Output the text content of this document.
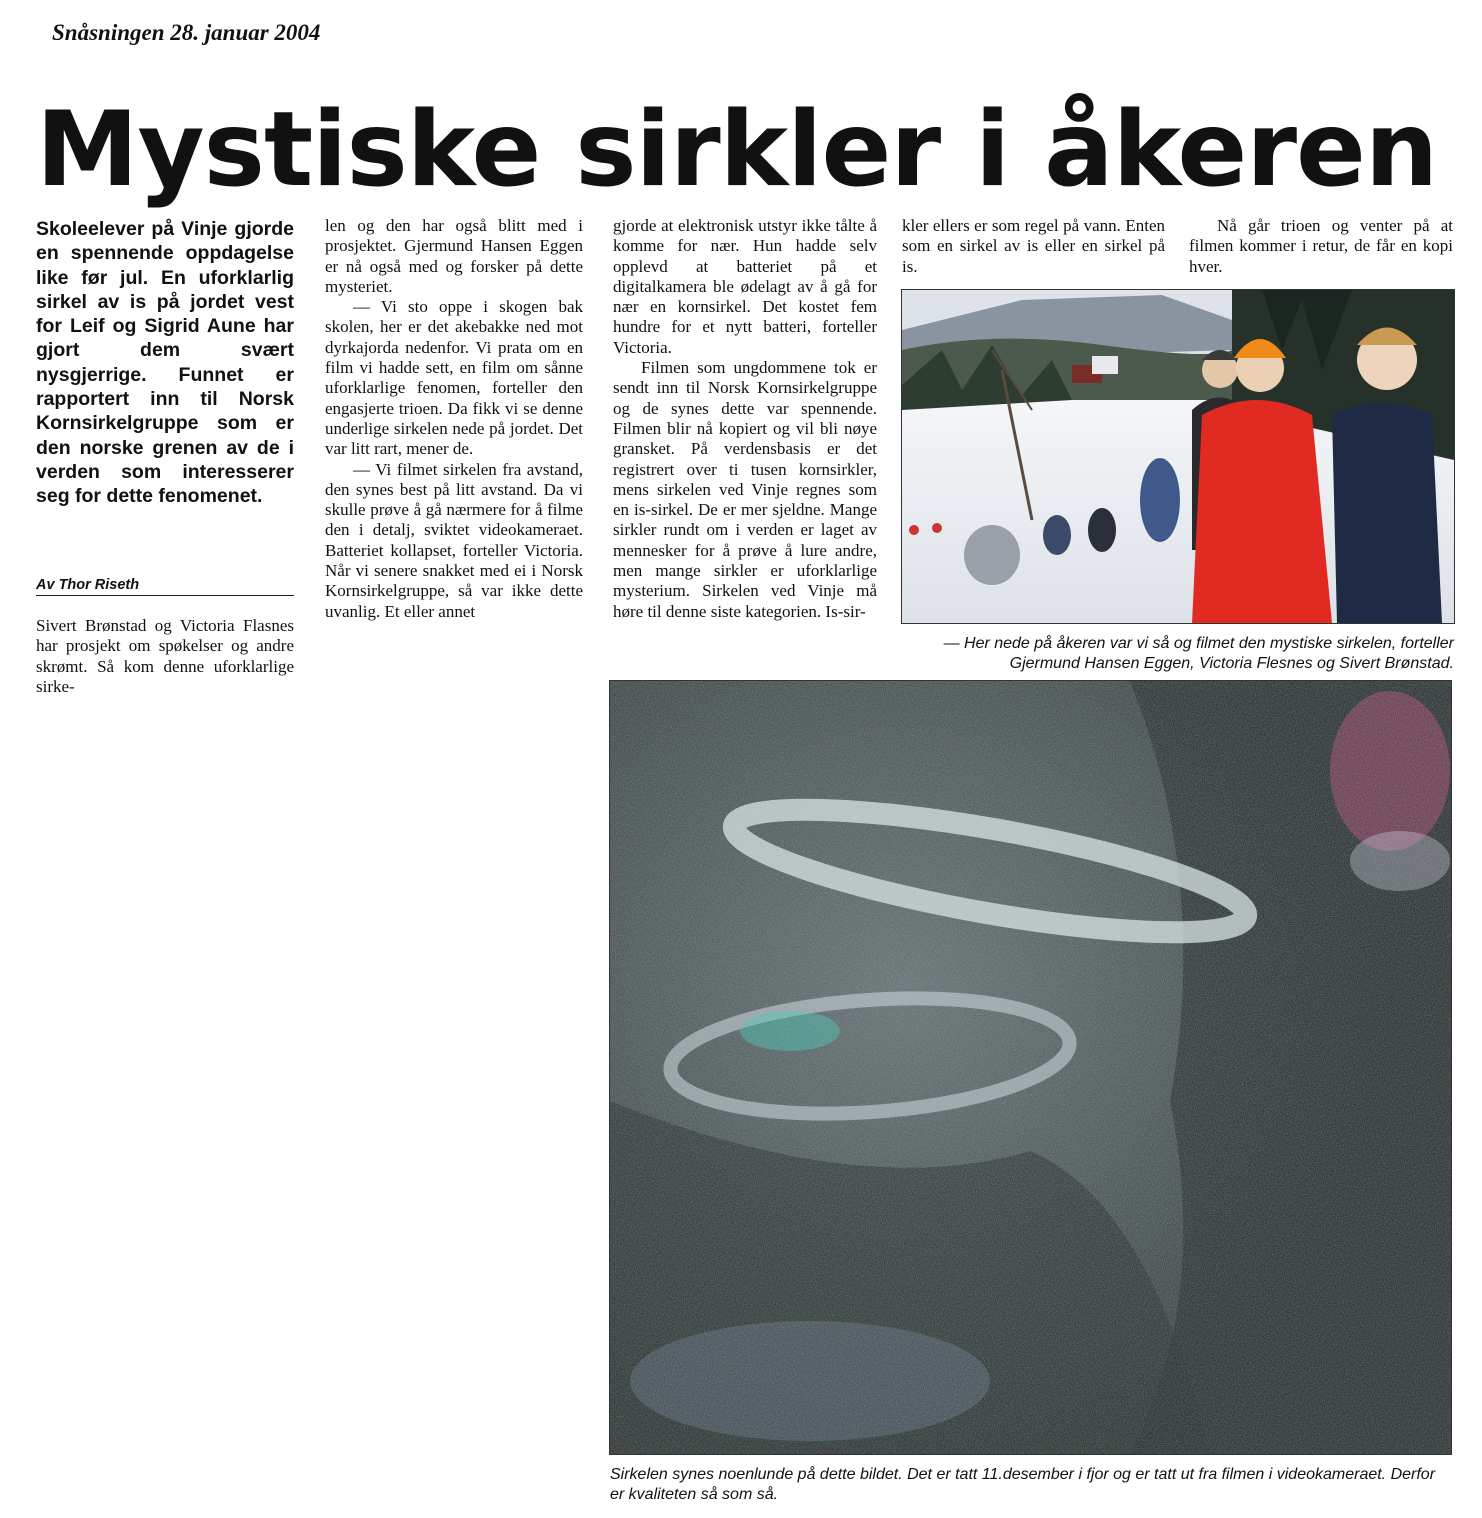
Snåsningen 28. januar 2004
Mystiske sirkler i åkeren
Skoleelever på Vinje gjorde en spennende oppdagelse like før jul. En uforklarlig sirkel av is på jordet vest for Leif og Sigrid Aune har gjort dem svært nysgjerrige. Funnet er rapportert inn til Norsk Kornsirkelgruppe som er den norske grenen av de i verden som interesserer seg for dette fenomenet.
Av Thor Riseth

Sivert Brønstad og Victoria Flasnes har prosjekt om spøkelser og andre skrømt. Så kom denne uforklarlige sirke-

len og den har også blitt med i prosjektet. Gjermund Hansen Eggen er nå også med og forsker på dette mysteriet.

— Vi sto oppe i skogen bak skolen, her er det akebakke ned mot dyrkajorda nedenfor. Vi prata om en film vi hadde sett, en film om sånne uforklarlige fenomen, forteller den engasjerte trioen. Da fikk vi se denne underlige sirkelen nede på jordet. Det var litt rart, mener de.

— Vi filmet sirkelen fra avstand, den synes best på litt avstand. Da vi skulle prøve å gå nærmere for å filme den i detalj, sviktet videokameraet. Batteriet kollapset, forteller Victoria. Når vi senere snakket med ei i Norsk Kornsirkelgruppe, så var ikke dette uvanlig. Et eller annet

gjorde at elektronisk utstyr ikke tålte å komme for nær. Hun hadde selv opplevd at batteriet på et digitalkamera ble ødelagt av å gå for nær en kornsirkel. Det kostet fem hundre for et nytt batteri, forteller Victoria.

Filmen som ungdommene tok er sendt inn til Norsk Kornsirkelgruppe og de synes dette var spennende. Filmen blir nå kopiert og vil bli nøye gransket. På verdensbasis er det registrert over ti tusen kornsirkler, mens sirkelen ved Vinje regnes som en is-sirkel. De er mer sjeldne. Mange sirkler rundt om i verden er laget av mennesker for å prøve å lure andre, men mange sirkler er uforklarlige mysterium. Sirkelen ved Vinje må høre til denne siste kategorien. Is-sir-

kler ellers er som regel på vann. Enten som en sirkel av is eller en sirkel på is.

Nå går trioen og venter på at filmen kommer i retur, de får en kopi hver.

— Her nede på åkeren var vi så og filmet den mystiske sirkelen, forteller Gjermund Hansen Eggen, Victoria Flesnes og Sivert Brønstad.
Sirkelen synes noenlunde på dette bildet. Det er tatt 11.desember i fjor og er tatt ut fra filmen i videokameraet. Derfor er kvaliteten så som så.
